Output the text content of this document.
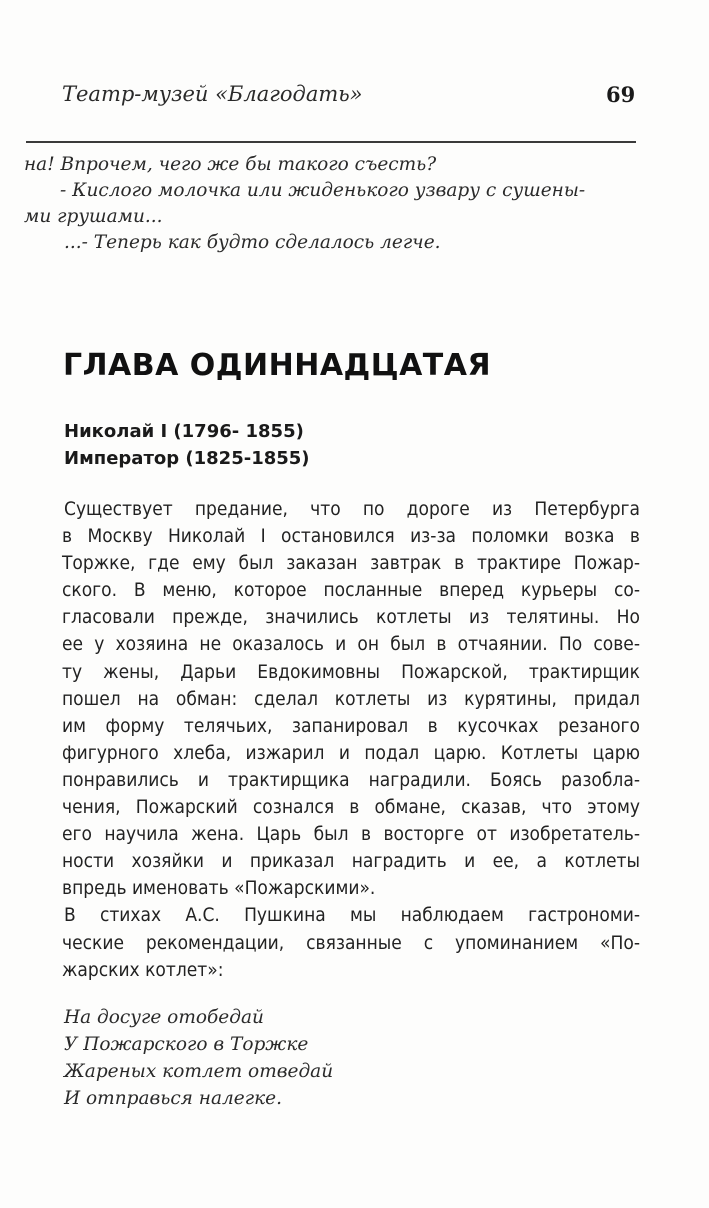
Театр-музей «Благодать»	69
на! Впрочем, чего же бы такого съесть?
- Кислого молочка или жиденького узвару с сушены-
ми грушами...
...- Теперь как будто сделалось легче.
ГЛАВА ОДИННАДЦАТАЯ
Николай I (1796- 1855)
Император (1825-1855)
Существует предание, что по дороге из Петербурга
в Москву Николай I остановился из-за поломки возка в
Торжке, где ему был заказан завтрак в трактире Пожар-
ского. В меню, которое посланные вперед курьеры со-
гласовали прежде, значились котлеты из телятины. Но
ее у хозяина не оказалось и он был в отчаянии. По сове-
ту жены, Дарьи Евдокимовны Пожарской, трактирщик
пошел на обман: сделал котлеты из курятины, придал
им форму телячьих, запанировал в кусочках резаного
фигурного хлеба, изжарил и подал царю. Котлеты царю
понравились и трактирщика наградили. Боясь разобла-
чения, Пожарский сознался в обмане, сказав, что этому
его научила жена. Царь был в восторге от изобретатель-
ности хозяйки и приказал наградить и ее, а котлеты
впредь именовать «Пожарскими».
В стихах А.С. Пушкина мы наблюдаем гастрономи-
ческие рекомендации, связанные с упоминанием «По-
жарских котлет»:
На досуге отобедай
У Пожарского в Торжке
Жареных котлет отведай
И отправься налегке.
